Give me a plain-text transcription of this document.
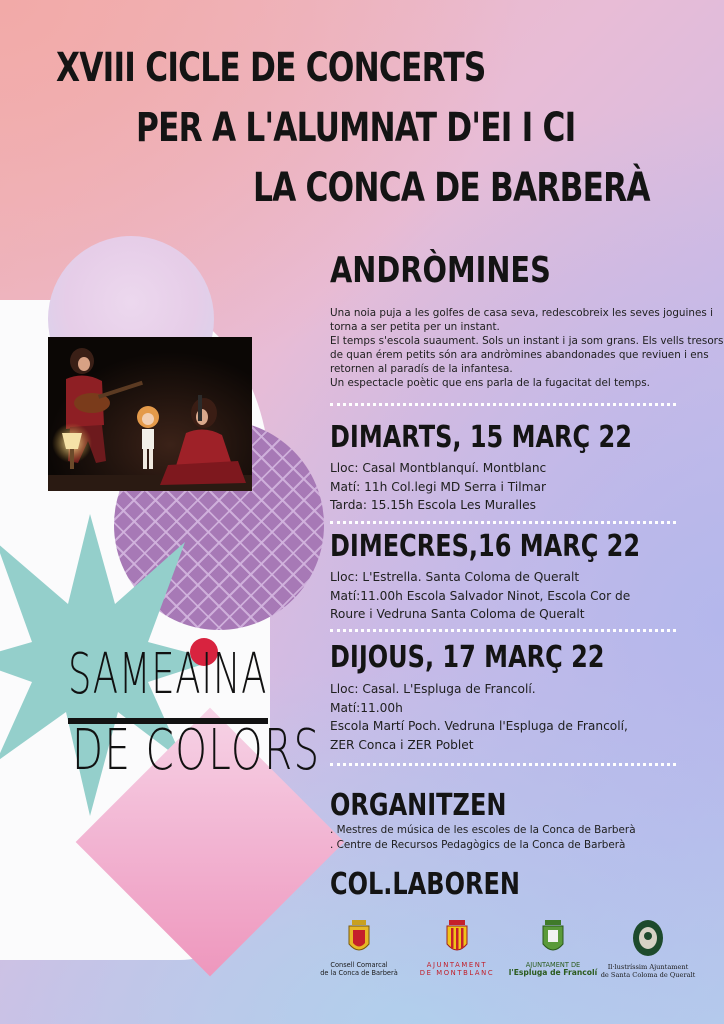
SAMEAINA

DE COLORS

XVIII CICLE DE CONCERTS
PER A L'ALUMNAT D'EI I CI
LA CONCA DE BARBERÀ
ANDRÒMINES

Una noia puja a les golfes de casa seva, redescobreix les seves joguines i

torna a ser petita per un instant.

El temps s'escola suaument. Sols un instant i ja som grans. Els vells tresors

de quan érem petits són ara andròmines abandonades que reviuen i ens

retornen al paradís de la infantesa.

Un espectacle poètic que ens parla de la fugacitat del temps.

DIMARTS, 15 MARÇ 22

Lloc: Casal Montblanquí. Montblanc

Matí: 11h Col.legi MD Serra i Tilmar

Tarda: 15.15h Escola Les Muralles

DIMECRES,16 MARÇ 22

Lloc: L'Estrella. Santa Coloma de Queralt

Matí:11.00h Escola Salvador Ninot, Escola Cor de

Roure i Vedruna Santa Coloma de Queralt

DIJOUS, 17 MARÇ 22

Lloc: Casal. L'Espluga de Francolí.

Matí:11.00h

Escola Martí Poch. Vedruna l'Espluga de Francolí,

ZER Conca i ZER Poblet

ORGANITZEN

. Mestres de música de les escoles de la Conca de Barberà

. Centre de Recursos Pedagògics de la Conca de Barberà

COL.LABOREN
Consell Comarcal
de la Conca de Barberà
AJUNTAMENT
DE MONTBLANC
AJUNTAMENT DE
l'Espluga de Francolí
Il·lustríssim Ajuntament
de Santa Coloma de Queralt
